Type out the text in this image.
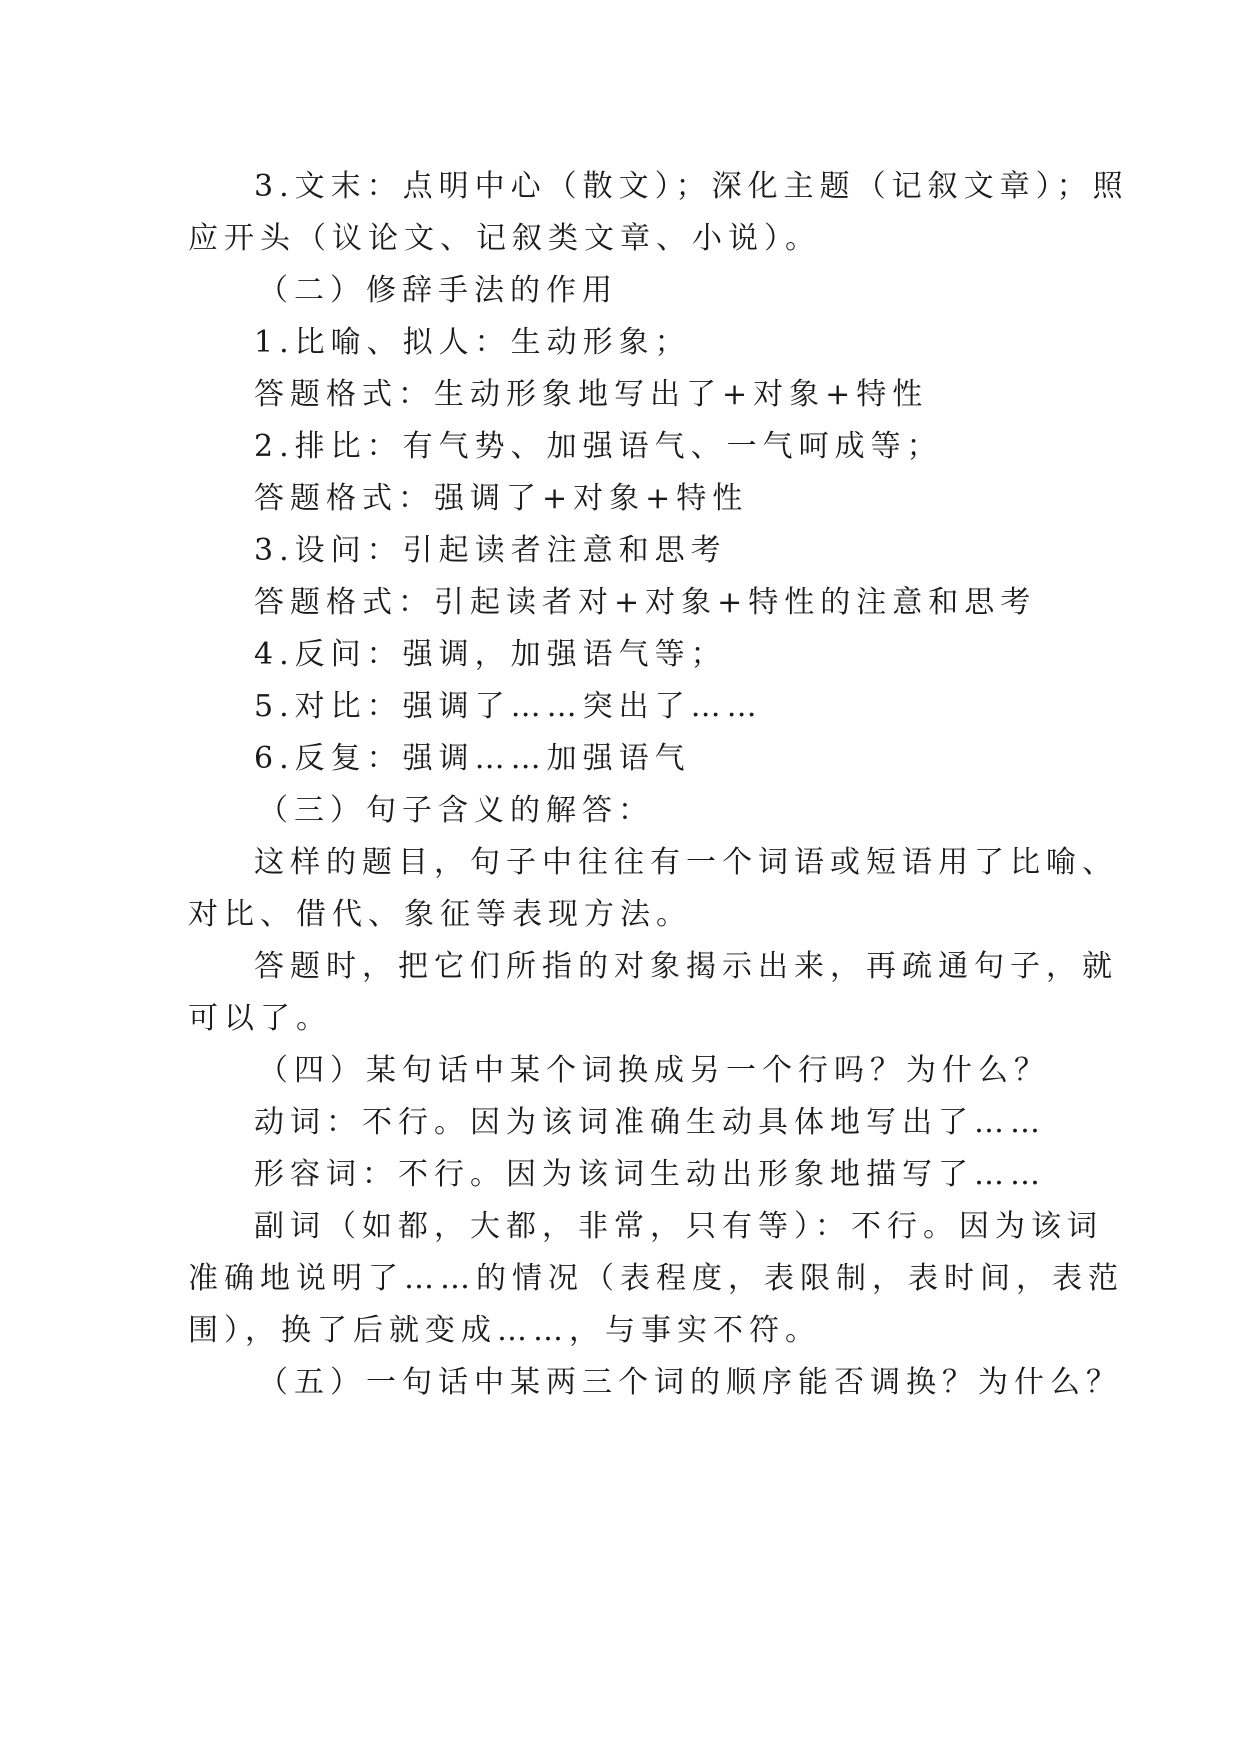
3.文末：点明中心（散文）；深化主题（记叙文章）；照
应开头（议论文、记叙类文章、小说）。
（二）修辞手法的作用
1.比喻、拟人：生动形象；
答题格式：生动形象地写出了+对象+特性
2.排比：有气势、加强语气、一气呵成等；
答题格式：强调了+对象+特性
3.设问：引起读者注意和思考
答题格式：引起读者对+对象+特性的注意和思考
4.反问：强调，加强语气等；
5.对比：强调了……突出了……
6.反复：强调……加强语气
（三）句子含义的解答：
这样的题目，句子中往往有一个词语或短语用了比喻、
对比、借代、象征等表现方法。
答题时，把它们所指的对象揭示出来，再疏通句子，就
可以了。
（四）某句话中某个词换成另一个行吗？为什么？
动词：不行。因为该词准确生动具体地写出了……
形容词：不行。因为该词生动出形象地描写了……
副词（如都，大都，非常，只有等）：不行。因为该词
准确地说明了……的情况（表程度，表限制，表时间，表范
围），换了后就变成……，与事实不符。
（五）一句话中某两三个词的顺序能否调换？为什么？
